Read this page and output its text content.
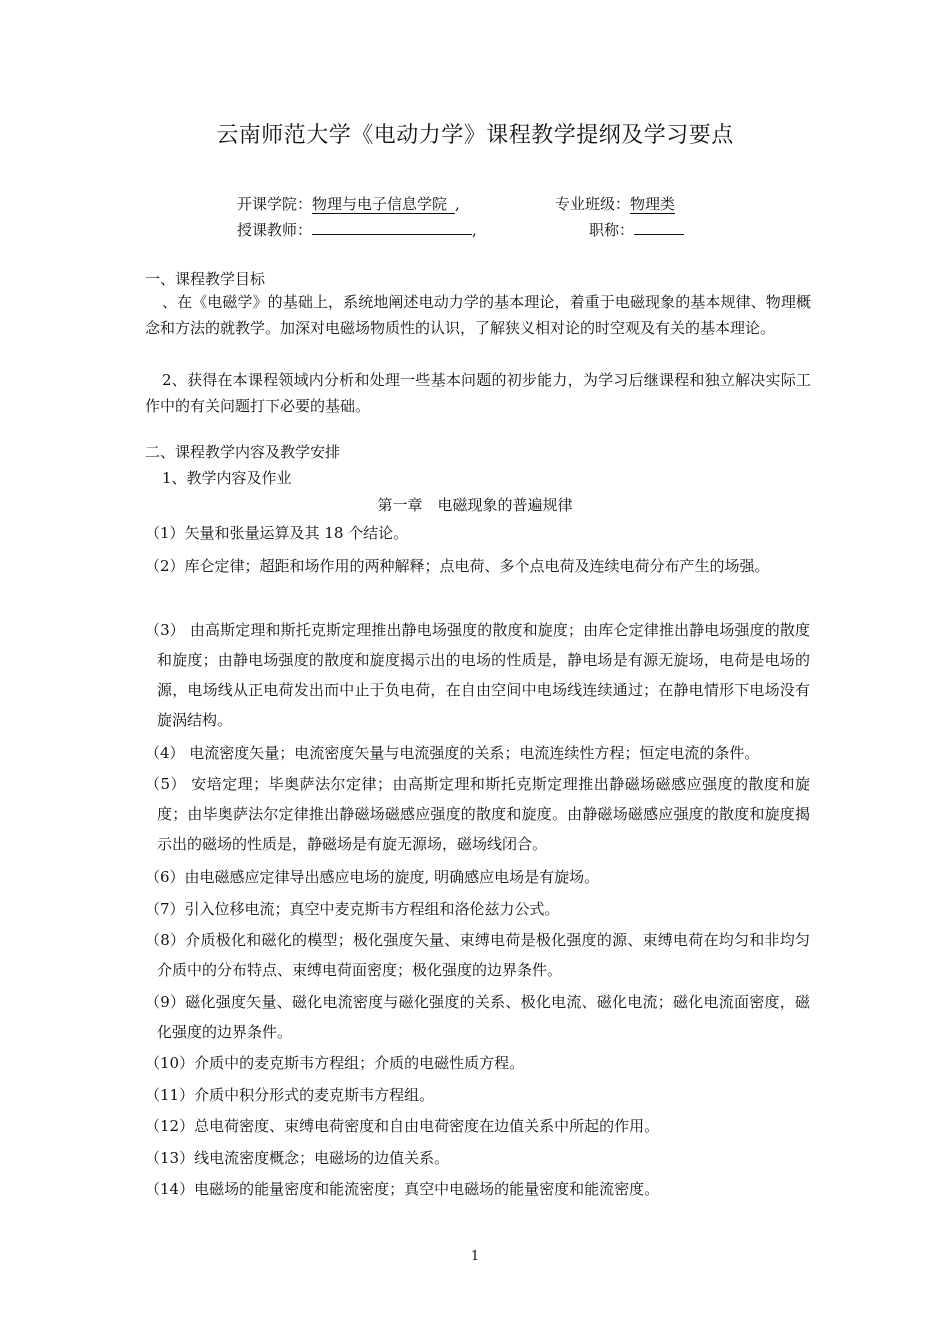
云南师范大学《电动力学》课程教学提纲及学习要点
开课学院：物理与电子信息学院 ,	专业班级：物理类
授课教师：	,	职称：
一、课程教学目标
、在《电磁学》的基础上，系统地阐述电动力学的基本理论，着重于电磁现象的基本规律、物理概念和方法的就教学。加深对电磁场物质性的认识，了解狭义相对论的时空观及有关的基本理论。
2、获得在本课程领域内分析和处理一些基本问题的初步能力，为学习后继课程和独立解决实际工作中的有关问题打下必要的基础。
二、课程教学内容及教学安排
1、教学内容及作业
第一章　电磁现象的普遍规律
（1）矢量和张量运算及其 18 个结论。
（2）库仑定律；超距和场作用的两种解释；点电荷、多个点电荷及连续电荷分布产生的场强。
（3） 由高斯定理和斯托克斯定理推出静电场强度的散度和旋度；由库仑定律推出静电场强度的散度和旋度；由静电场强度的散度和旋度揭示出的电场的性质是，静电场是有源无旋场，电荷是电场的源，电场线从正电荷发出而中止于负电荷，在自由空间中电场线连续通过；在静电情形下电场没有旋涡结构。
（4） 电流密度矢量；电流密度矢量与电流强度的关系；电流连续性方程；恒定电流的条件。
（5） 安培定理；毕奥萨法尔定律；由高斯定理和斯托克斯定理推出静磁场磁感应强度的散度和旋度；由毕奥萨法尔定律推出静磁场磁感应强度的散度和旋度。由静磁场磁感应强度的散度和旋度揭示出的磁场的性质是，静磁场是有旋无源场，磁场线闭合。
（6）由电磁感应定律导出感应电场的旋度, 明确感应电场是有旋场。
（7）引入位移电流；真空中麦克斯韦方程组和洛伦兹力公式。
（8）介质极化和磁化的模型；极化强度矢量、束缚电荷是极化强度的源、束缚电荷在均匀和非均匀介质中的分布特点、束缚电荷面密度；极化强度的边界条件。
（9）磁化强度矢量、磁化电流密度与磁化强度的关系、极化电流、磁化电流；磁化电流面密度，磁化强度的边界条件。
（10）介质中的麦克斯韦方程组；介质的电磁性质方程。
（11）介质中积分形式的麦克斯韦方程组。
（12）总电荷密度、束缚电荷密度和自由电荷密度在边值关系中所起的作用。
（13）线电流密度概念；电磁场的边值关系。
（14）电磁场的能量密度和能流密度；真空中电磁场的能量密度和能流密度。
1
